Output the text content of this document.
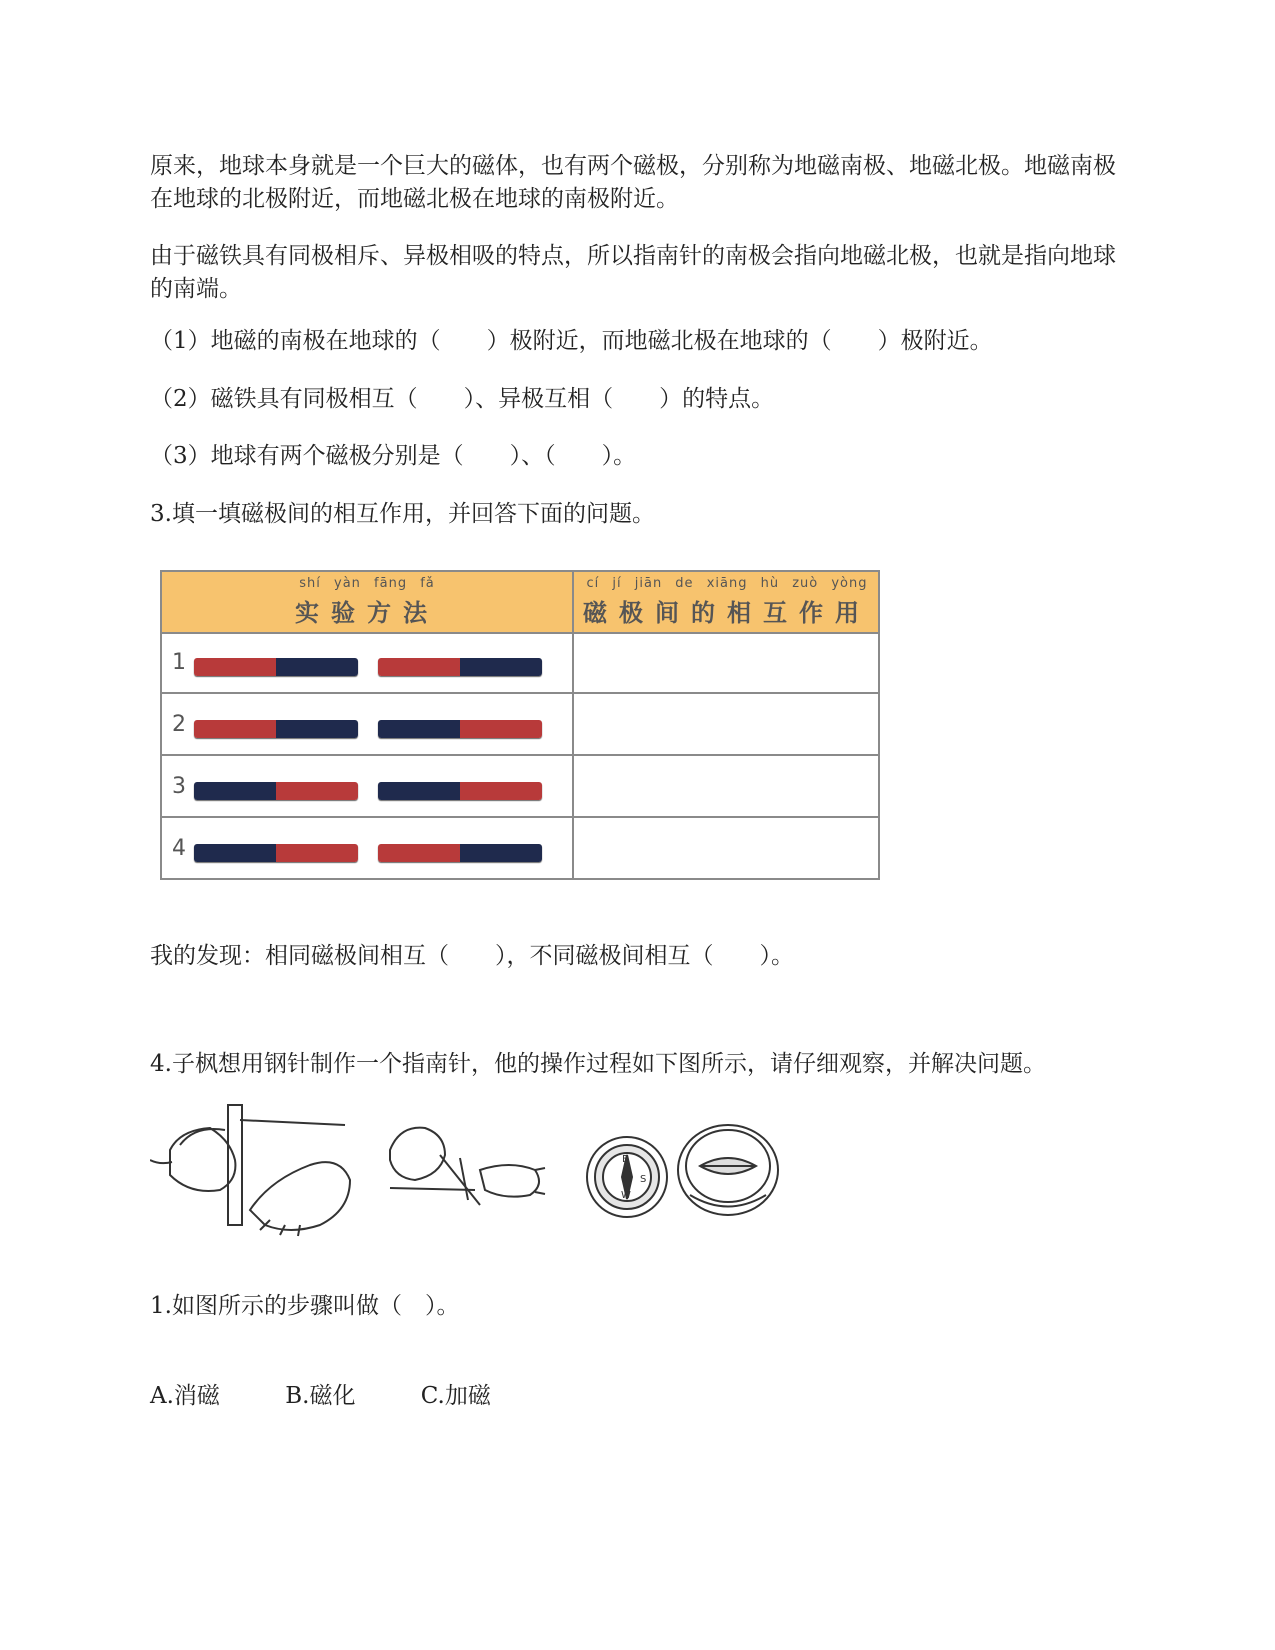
原来，地球本身就是一个巨大的磁体，也有两个磁极，分别称为地磁南极、地磁北极。地磁南极在地球的北极附近，而地磁北极在地球的南极附近。

由于磁铁具有同极相斥、异极相吸的特点，所以指南针的南极会指向地磁北极，也就是指向地球的南端。

（1）地磁的南极在地球的（　　）极附近，而地磁北极在地球的（　　）极附近。
（2）磁铁具有同极相互（　　）、异极互相（　　）的特点。
（3）地球有两个磁极分别是（　　）、（　　）。
3.填一填磁极间的相互作用，并回答下面的问题。
shí yàn fāng fǎ
实验方法
cí jí jiān de xiāng hù zuò yòng
磁极间的相互作用
1
2
3
4
我的发现：相同磁极间相互（　　），不同磁极间相互（　　）。
4.子枫想用钢针制作一个指南针，他的操作过程如下图所示，请仔细观察，并解决问题。
E
S
W
1.如图所示的步骤叫做（　）。
A.消磁	B.磁化	C.加磁
